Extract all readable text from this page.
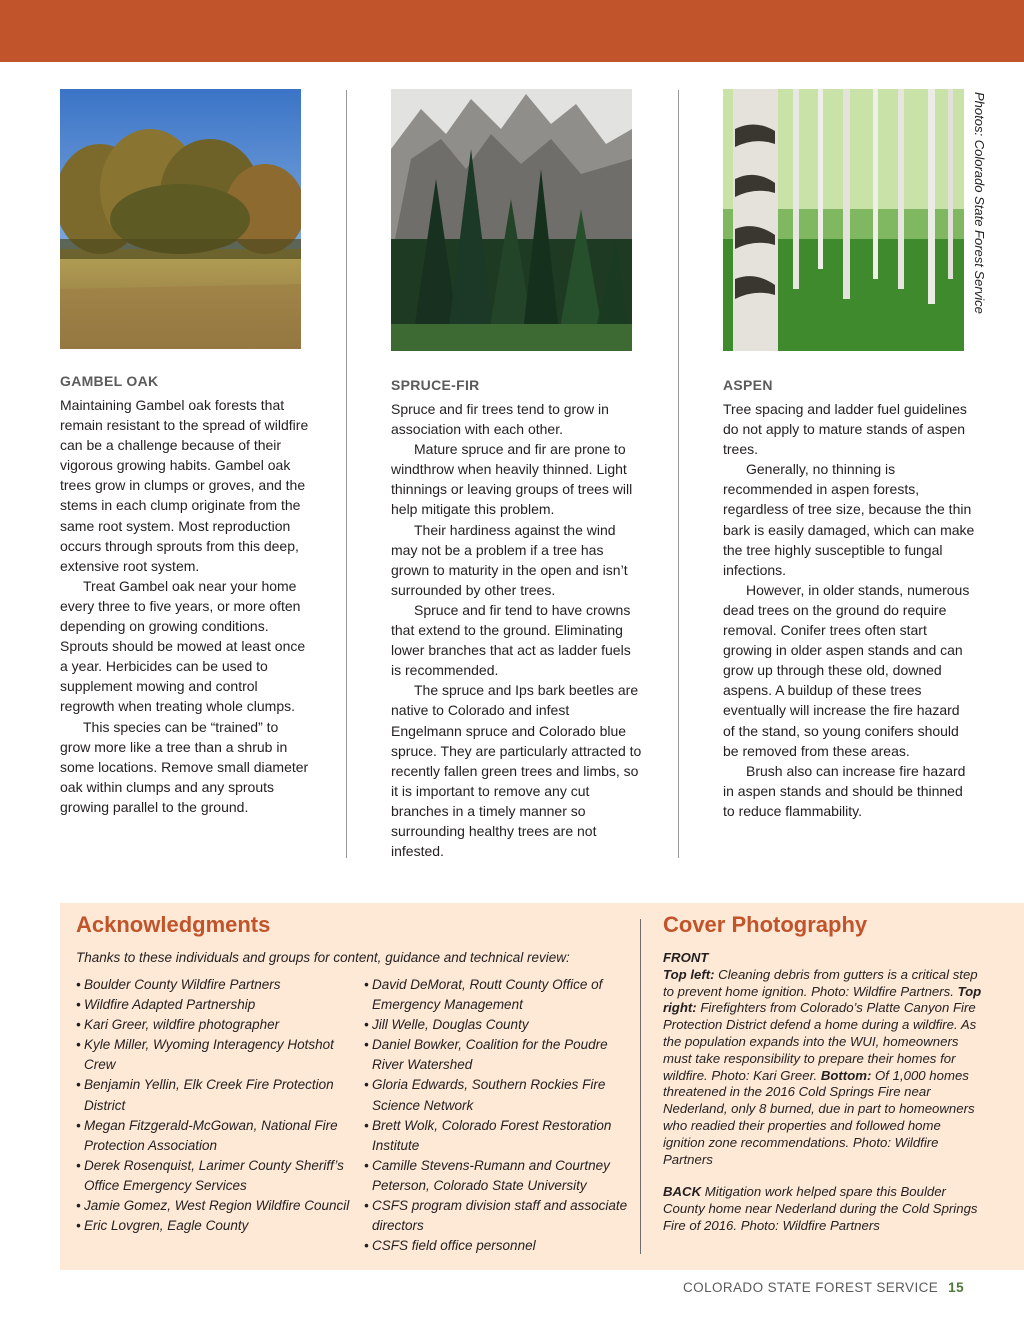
Photos: Colorado State Forest Service
GAMBEL OAK

Maintaining Gambel oak forests that remain resistant to the spread of wildfire can be a challenge because of their vigorous growing habits. Gambel oak trees grow in clumps or groves, and the stems in each clump originate from the same root system. Most reproduction occurs through sprouts from this deep, extensive root system.

Treat Gambel oak near your home every three to five years, or more often depending on growing conditions. Sprouts should be mowed at least once a year. Herbicides can be used to supplement mowing and control regrowth when treating whole clumps.

This species can be “trained” to grow more like a tree than a shrub in some locations. Remove small diameter oak within clumps and any sprouts growing parallel to the ground.

SPRUCE-FIR

Spruce and fir trees tend to grow in association with each other.

Mature spruce and fir are prone to windthrow when heavily thinned. Light thinnings or leaving groups of trees will help mitigate this problem.

Their hardiness against the wind may not be a problem if a tree has grown to maturity in the open and isn’t surrounded by other trees.

Spruce and fir tend to have crowns that extend to the ground. Eliminating lower branches that act as ladder fuels is recommended.

The spruce and Ips bark beetles are native to Colorado and infest Engelmann spruce and Colorado blue spruce. They are particularly attracted to recently fallen green trees and limbs, so it is important to remove any cut branches in a timely manner so surrounding healthy trees are not infested.

ASPEN

Tree spacing and ladder fuel guidelines do not apply to mature stands of aspen trees.

Generally, no thinning is recommended in aspen forests, regardless of tree size, because the thin bark is easily damaged, which can make the tree highly susceptible to fungal infections.

However, in older stands, numerous dead trees on the ground do require removal. Conifer trees often start growing in older aspen stands and can grow up through these old, downed aspens. A buildup of these trees eventually will increase the fire hazard of the stand, so young conifers should be removed from these areas.

Brush also can increase fire hazard in aspen stands and should be thinned to reduce flammability.

Acknowledgments
Thanks to these individuals and groups for content, guidance and technical review:
• Boulder County Wildfire Partners
• Wildfire Adapted Partnership
• Kari Greer, wildfire photographer
• Kyle Miller, Wyoming Interagency Hotshot Crew
• Benjamin Yellin, Elk Creek Fire Protection District
• Megan Fitzgerald-McGowan, National Fire Protection Association
• Derek Rosenquist, Larimer County Sheriff’s Office Emergency Services
• Jamie Gomez, West Region Wildfire Council
• Eric Lovgren, Eagle County
• David DeMorat, Routt County Office of Emergency Management
• Jill Welle, Douglas County
• Daniel Bowker, Coalition for the Poudre River Watershed
• Gloria Edwards, Southern Rockies Fire Science Network
• Brett Wolk, Colorado Forest Restoration Institute
• Camille Stevens-Rumann and Courtney Peterson, Colorado State University
• CSFS program division staff and associate directors
• CSFS field office personnel
Cover Photography
FRONT
Top left: Cleaning debris from gutters is a critical step to prevent home ignition. Photo: Wildfire Partners. Top right: Firefighters from Colorado’s Platte Canyon Fire Protection District defend a home during a wildfire. As the population expands into the WUI, homeowners must take responsibility to prepare their homes for wildfire. Photo: Kari Greer. Bottom: Of 1,000 homes threatened in the 2016 Cold Springs Fire near Nederland, only 8 burned, due in part to homeowners who readied their properties and followed home ignition zone recommendations. Photo: Wildfire Partners
BACK Mitigation work helped spare this Boulder County home near Nederland during the Cold Springs Fire of 2016. Photo: Wildfire Partners
COLORADO STATE FOREST SERVICE 15
